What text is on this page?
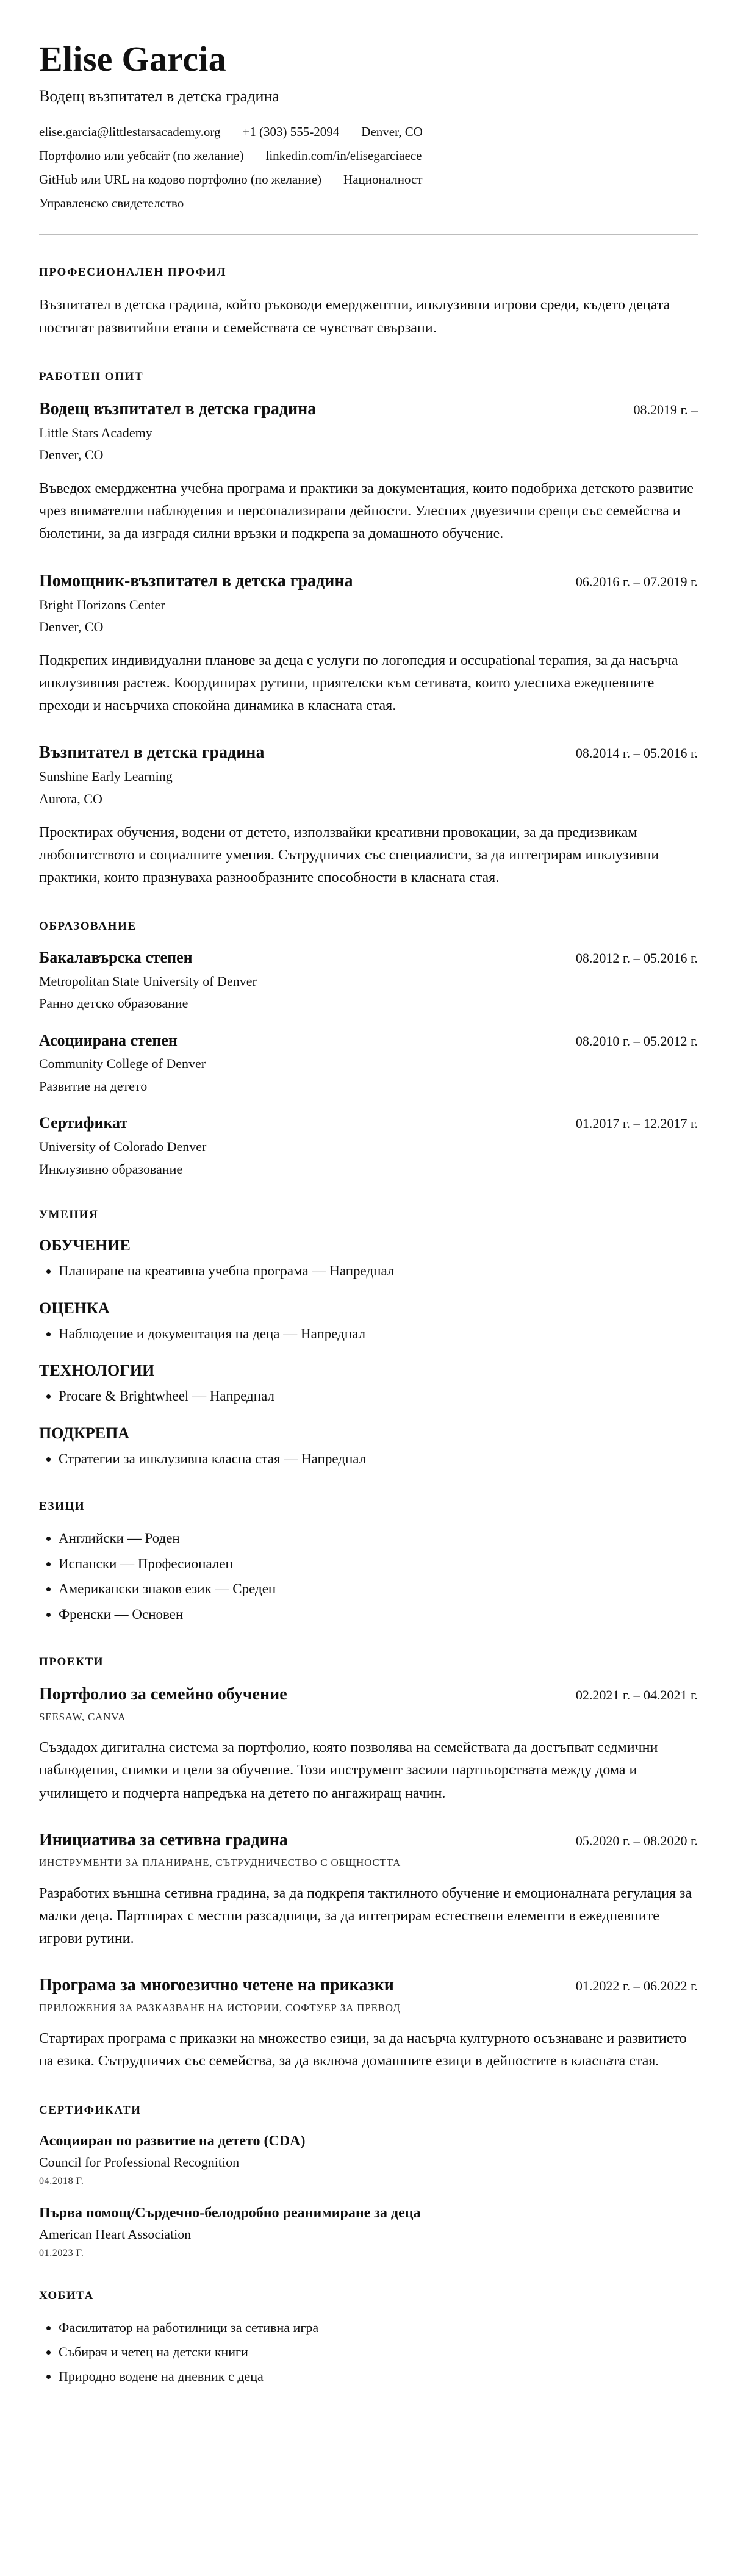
Elise Garcia
Водещ възпитател в детска градина
elise.garcia@littlestarsacademy.org +1 (303) 555-2094 Denver, CO
Портфолио или уебсайт (по желание) linkedin.com/in/elisegarciaece
GitHub или URL на кодово портфолио (по желание) Националност
Управленско свидетелство
ПРОФЕСИОНАЛЕН ПРОФИЛ

Възпитател в детска градина, който ръководи емерджентни, инклузивни игрови среди, където децата постигат развитийни етапи и семействата се чувстват свързани.

РАБОТЕН ОПИТ
Водещ възпитател в детска градина	08.2019 г. –
Little Stars Academy
Denver, CO

Въведох емерджентна учебна програма и практики за документация, които подобриха детското развитие чрез внимателни наблюдения и персонализирани дейности. Улесних двуезични срещи със семейства и бюлетини, за да изградя силни връзки и подкрепа за домашното обучение.

Помощник-възпитател в детска градина	06.2016 г. – 07.2019 г.
Bright Horizons Center
Denver, CO

Подкрепих индивидуални планове за деца с услуги по логопедия и occupational терапия, за да насърча инклузивния растеж. Координирах рутини, приятелски към сетивата, които улесниха ежедневните преходи и насърчиха спокойна динамика в класната стая.

Възпитател в детска градина	08.2014 г. – 05.2016 г.
Sunshine Early Learning
Aurora, CO

Проектирах обучения, водени от детето, използвайки креативни провокации, за да предизвикам любопитството и социалните умения. Сътрудничих със специалисти, за да интегрирам инклузивни практики, които празнуваха разнообразните способности в класната стая.

ОБРАЗОВАНИЕ
Бакалавърска степен	08.2012 г. – 05.2016 г.
Metropolitan State University of Denver
Ранно детско образование
Асоциирана степен	08.2010 г. – 05.2012 г.
Community College of Denver
Развитие на детето
Сертификат	01.2017 г. – 12.2017 г.
University of Colorado Denver
Инклузивно образование
УМЕНИЯ
ОБУЧЕНИЕ
• Планиране на креативна учебна програма — Напреднал
ОЦЕНКА
• Наблюдение и документация на деца — Напреднал
ТЕХНОЛОГИИ
• Procare & Brightwheel — Напреднал
ПОДКРЕПА
• Стратегии за инклузивна класна стая — Напреднал
ЕЗИЦИ
• Английски — Роден
• Испански — Професионален
• Американски знаков език — Среден
• Френски — Основен
ПРОЕКТИ
Портфолио за семейно обучение	02.2021 г. – 04.2021 г.
SEESAW, CANVA

Създадох дигитална система за портфолио, която позволява на семействата да достъпват седмични наблюдения, снимки и цели за обучение. Този инструмент засили партньорствата между дома и училището и подчерта напредъка на детето по ангажиращ начин.

Инициатива за сетивна градина	05.2020 г. – 08.2020 г.
ИНСТРУМЕНТИ ЗА ПЛАНИРАНЕ, СЪТРУДНИЧЕСТВО С ОБЩНОСТТА

Разработих външна сетивна градина, за да подкрепя тактилното обучение и емоционалната регулация за малки деца. Партнирах с местни разсадници, за да интегрирам естествени елементи в ежедневните игрови рутини.

Програма за многоезично четене на приказки	01.2022 г. – 06.2022 г.
ПРИЛОЖЕНИЯ ЗА РАЗКАЗВАНЕ НА ИСТОРИИ, СОФТУЕР ЗА ПРЕВОД

Стартирах програма с приказки на множество езици, за да насърча културното осъзнаване и развитието на езика. Сътрудничих със семейства, за да включа домашните езици в дейностите в класната стая.

СЕРТИФИКАТИ
Асоцииран по развитие на детето (CDA)
Council for Professional Recognition
04.2018 Г.
Първа помощ/Сърдечно-белодробно реанимиране за деца
American Heart Association
01.2023 Г.
ХОБИТА
• Фасилитатор на работилници за сетивна игра
• Събирач и четец на детски книги
• Природно водене на дневник с деца
